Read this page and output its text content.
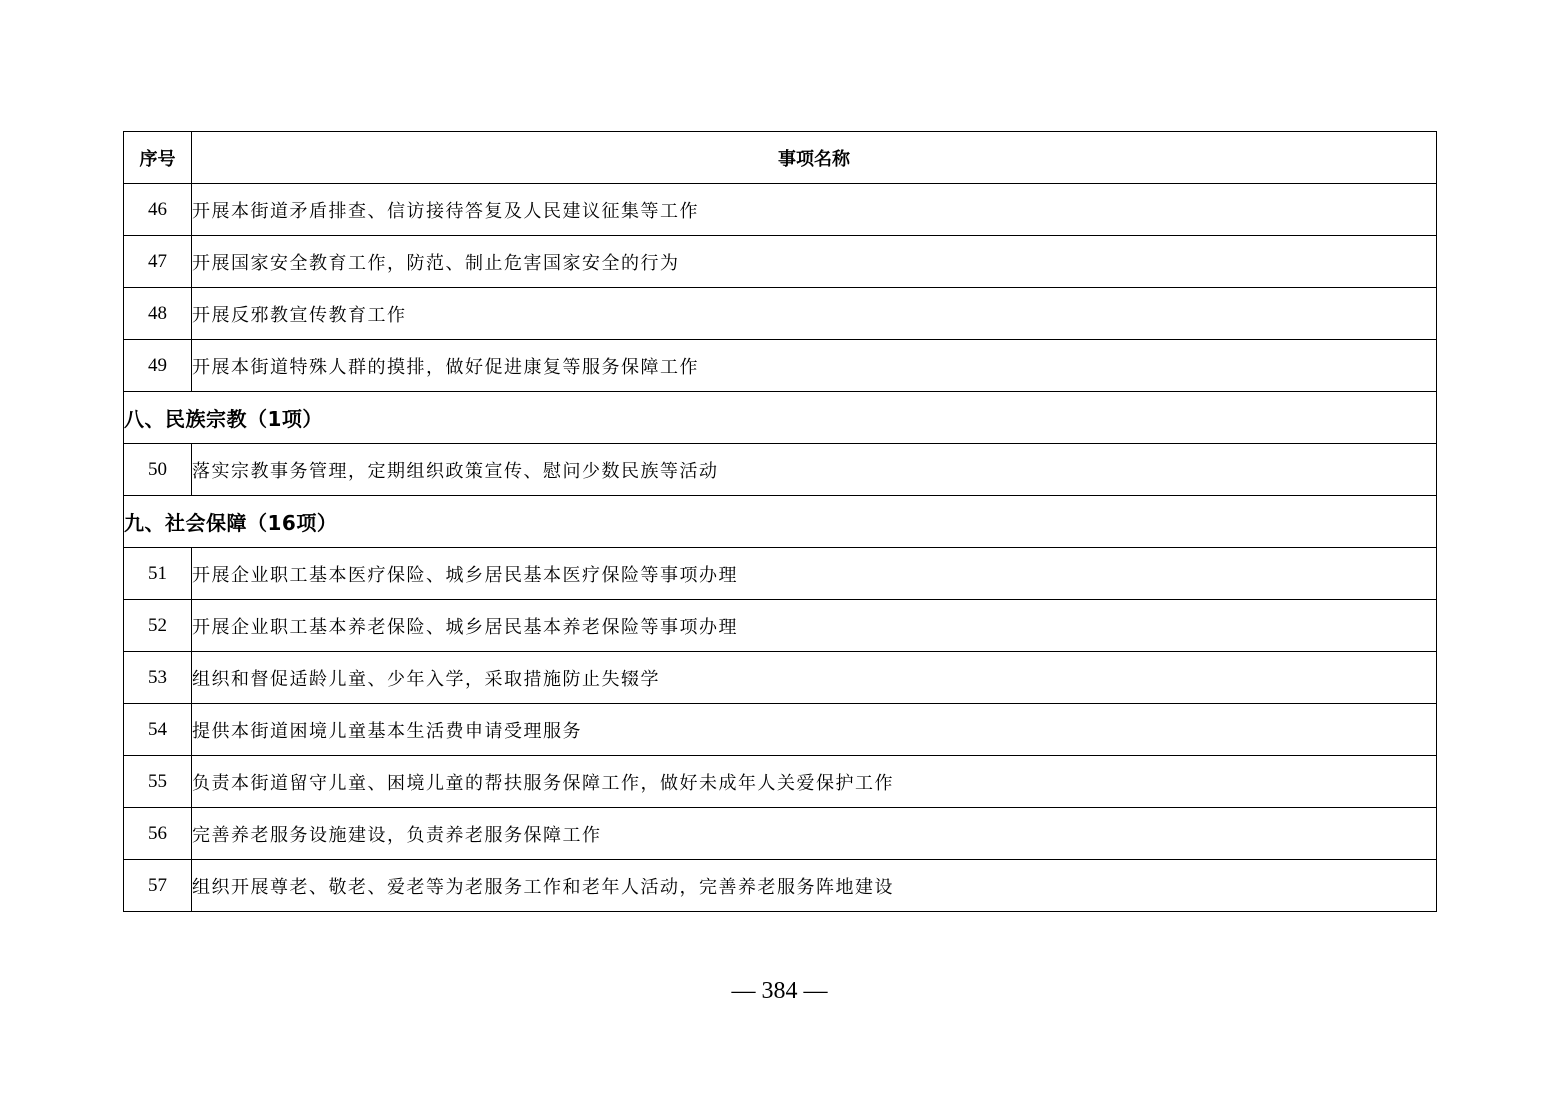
序号	事项名称
46	开展本街道矛盾排查、信访接待答复及人民建议征集等工作
47	开展国家安全教育工作，防范、制止危害国家安全的行为
48	开展反邪教宣传教育工作
49	开展本街道特殊人群的摸排，做好促进康复等服务保障工作
八、民族宗教（1项）	
50	落实宗教事务管理，定期组织政策宣传、慰问少数民族等活动
九、社会保障（16项）	
51	开展企业职工基本医疗保险、城乡居民基本医疗保险等事项办理
52	开展企业职工基本养老保险、城乡居民基本养老保险等事项办理
53	组织和督促适龄儿童、少年入学，采取措施防止失辍学
54	提供本街道困境儿童基本生活费申请受理服务
55	负责本街道留守儿童、困境儿童的帮扶服务保障工作，做好未成年人关爱保护工作
56	完善养老服务设施建设，负责养老服务保障工作
57	组织开展尊老、敬老、爱老等为老服务工作和老年人活动，完善养老服务阵地建设
— 384 —
